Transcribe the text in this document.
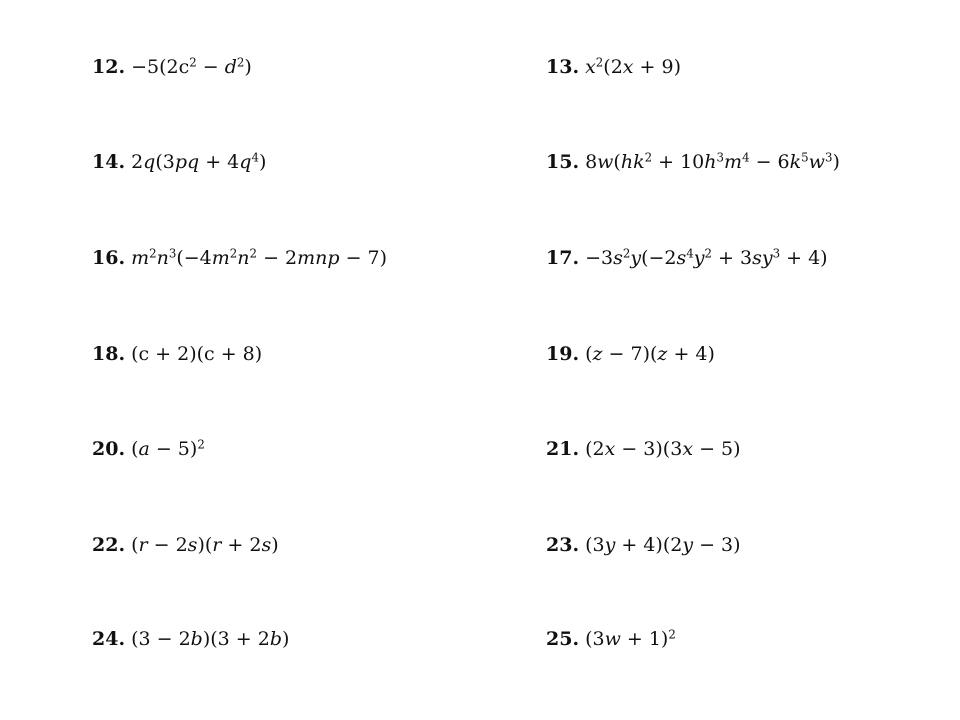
12. $-5(2c^2 - d^2)$	13. $x^2(2x + 9)$
14. $2q(3pq + 4q^4)$	15. $8w(hk^2 + 10h^3m^4 - 6k^5w^3)$
16. $m^2n^3(-4m^2n^2 - 2mnp - 7)$	17. $-3s^2y(-2s^4y^2 + 3sy^3 + 4)$
18. (c + 2)(c + 8)	19. (z − 7)(z + 4)
20. $(a - 5)^2$	21. (2x − 3)(3x − 5)
22. (r − 2s)(r + 2s)	23. (3y + 4)(2y − 3)
24. (3 − 2b)(3 + 2b)	25. $(3w + 1)^2$
